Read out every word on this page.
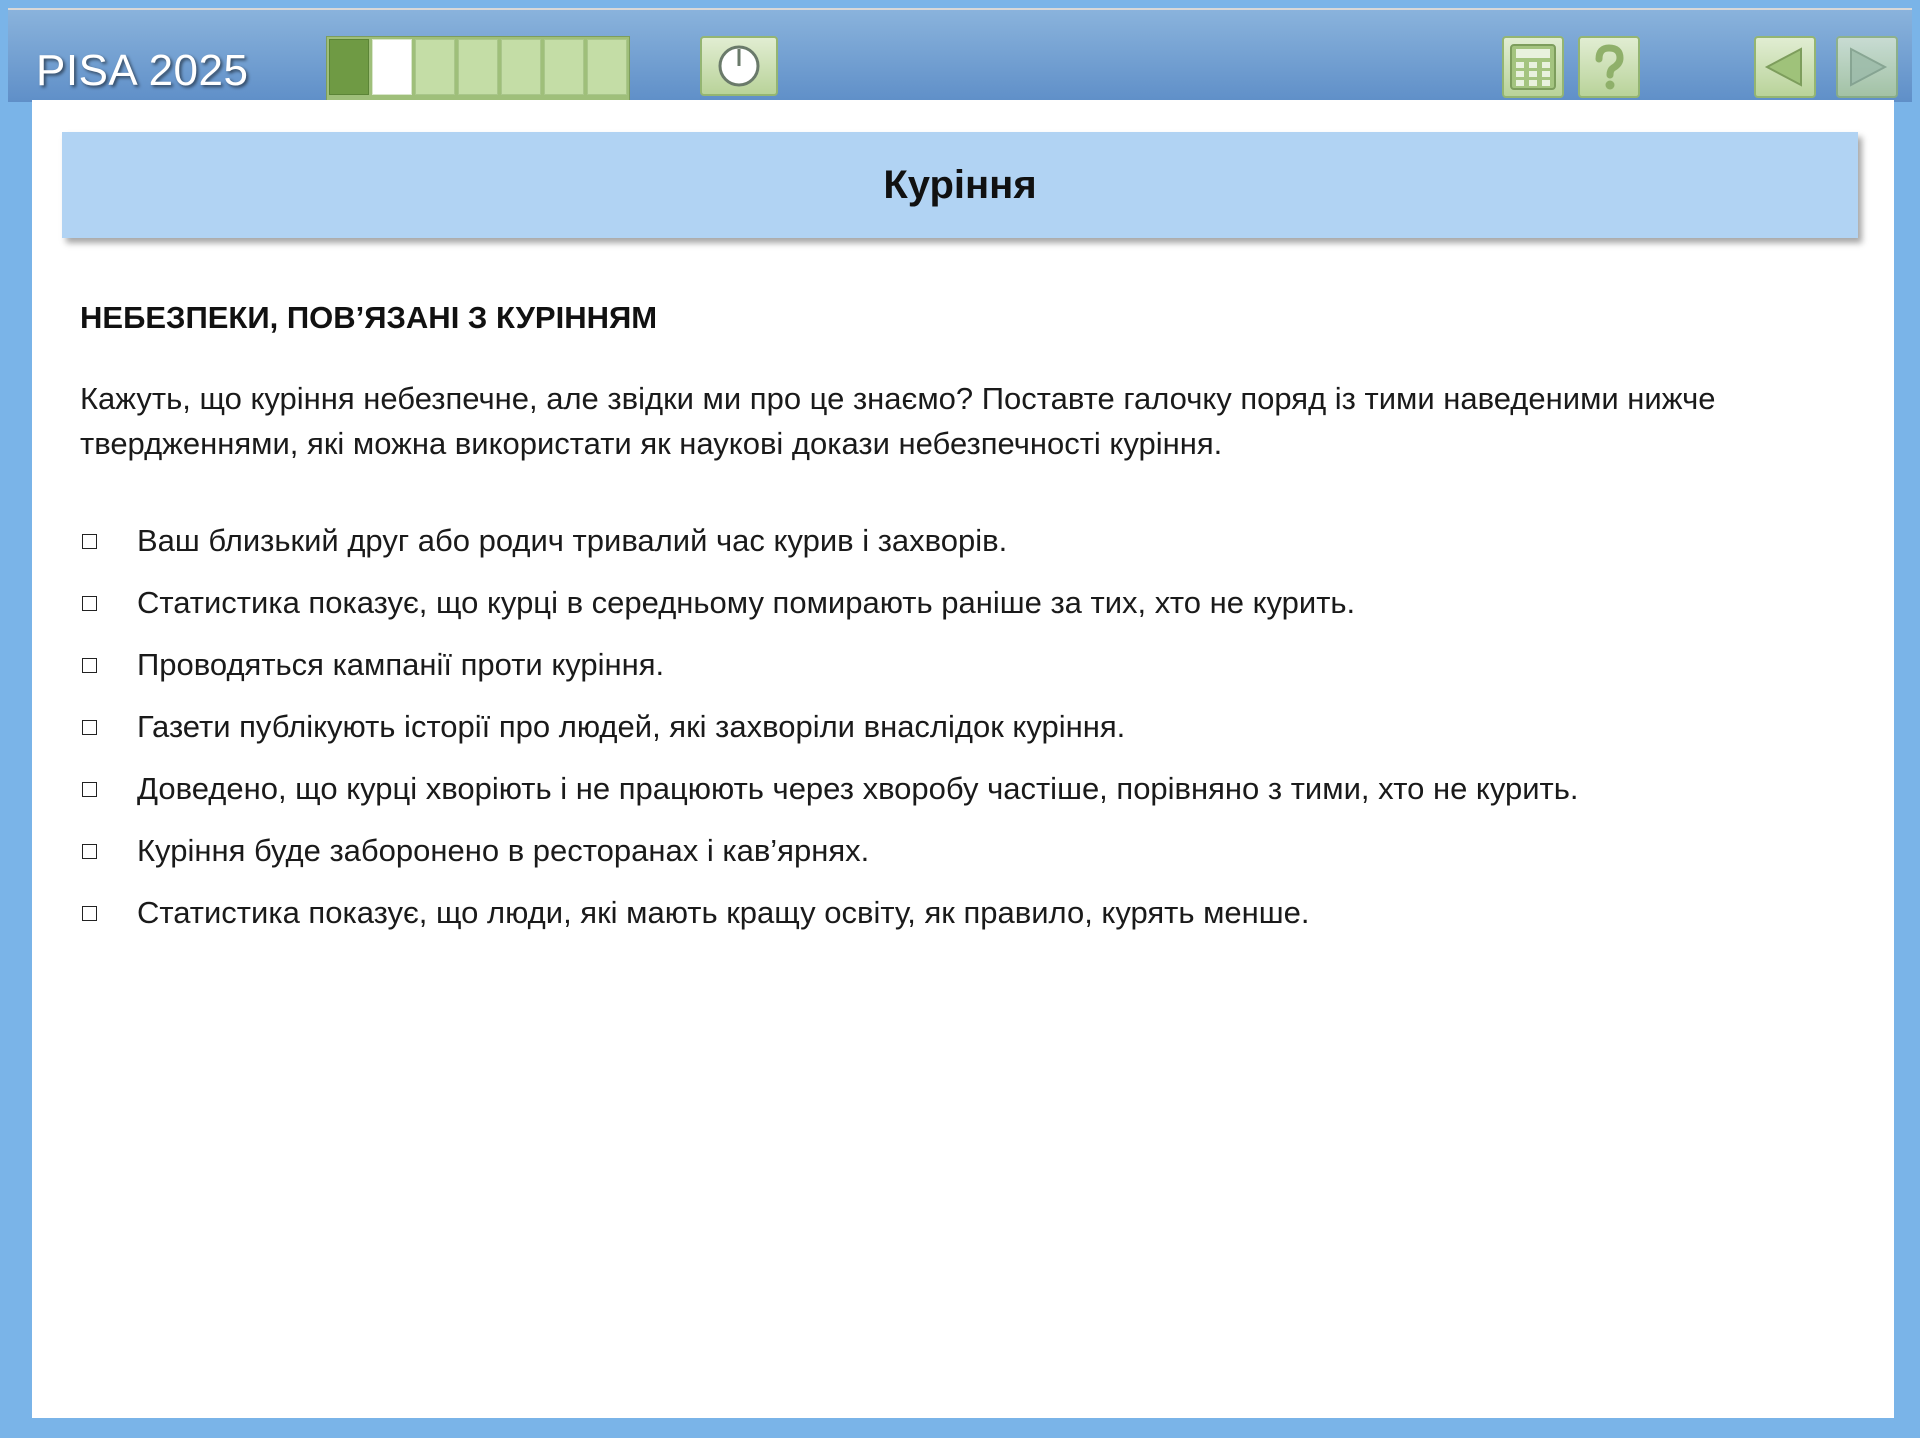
PISA 2025
Куріння
НЕБЕЗПЕКИ, ПОВ’ЯЗАНІ З КУРІННЯМ
Кажуть, що куріння небезпечне, але звідки ми про це знаємо? Поставте галочку поряд із тими наведеними нижче твердженнями, які можна використати як наукові докази небезпечності куріння.
Ваш близький друг або родич тривалий час курив і захворів.
Статистика показує, що курці в середньому помирають раніше за тих, хто не курить.
Проводяться кампанії проти куріння.
Газети публікують історії про людей, які захворіли внаслідок куріння.
Доведено, що курці хворіють і не працюють через хворобу частіше, порівняно з тими, хто не курить.
Куріння буде заборонено в ресторанах і кав’ярнях.
Статистика показує, що люди, які мають кращу освіту, як правило, курять менше.
